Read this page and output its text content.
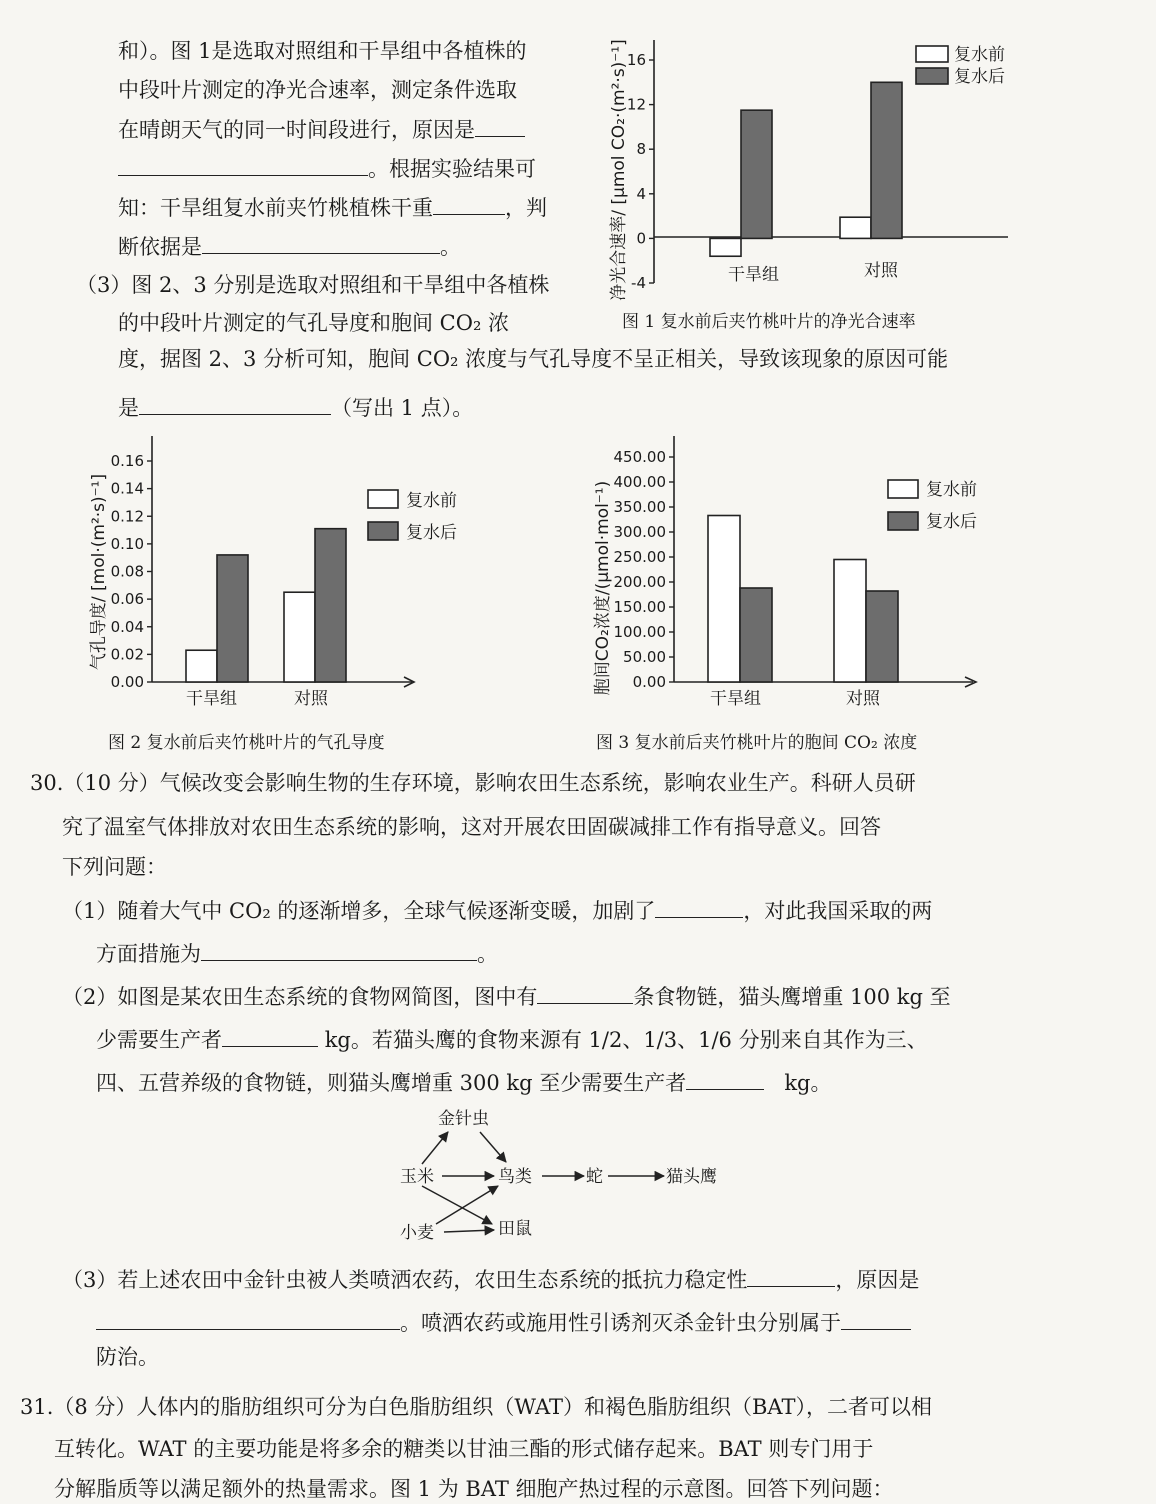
和）。图 1是选取对照组和干旱组中各植株的
中段叶片测定的净光合速率，测定条件选取
在晴朗天气的同一时间段进行，原因是
。根据实验结果可
知：干旱组复水前夹竹桃植株干重	，判
断依据是	。
（3）图 2、3 分别是选取对照组和干旱组中各植株
的中段叶片测定的气孔导度和胞间 CO₂ 浓
度，据图 2、3 分析可知，胞间 CO₂ 浓度与气孔导度不呈正相关，导致该现象的原因可能
是	（写出 1 点）。
净光合速率/ [μmol CO₂·(m²·s)⁻¹] -4
0
4
8
12
16
干旱组	对照
复水前
复水后
图 1 复水前后夹竹桃叶片的净光合速率
气孔导度/ [mol·(m²·s)⁻¹]
0.00
0.02
0.04
0.06
0.08
0.10
0.12
0.14
0.16
干旱组	对照
复水前
复水后
图 2 复水前后夹竹桃叶片的气孔导度
胞间CO₂浓度/(μmol·mol⁻¹) 0.00
50.00
100.00
150.00
200.00
250.00
300.00
350.00
400.00
450.00
干旱组	对照
复水前
复水后
图 3 复水前后夹竹桃叶片的胞间 CO₂ 浓度
30.（10 分）气候改变会影响生物的生存环境，影响农田生态系统，影响农业生产。科研人员研
究了温室气体排放对农田生态系统的影响，这对开展农田固碳减排工作有指导意义。回答
下列问题：
（1）随着大气中 CO₂ 的逐渐增多，全球气候逐渐变暖，加剧了	，对此我国采取的两
方面措施为	。
（2）如图是某农田生态系统的食物网简图，图中有	条食物链，猫头鹰增重 100 kg 至
少需要生产者	kg。若猫头鹰的食物来源有 1/2、1/3、1/6 分别来自其作为三、
四、五营养级的食物链，则猫头鹰增重 300 kg 至少需要生产者	kg。
金针虫
玉米	鸟类	蛇	猫头鹰
小麦	田鼠
（3）若上述农田中金针虫被人类喷洒农药，农田生态系统的抵抗力稳定性	，原因是
。喷洒农药或施用性引诱剂灭杀金针虫分别属于
防治。
31.（8 分）人体内的脂肪组织可分为白色脂肪组织（WAT）和褐色脂肪组织（BAT），二者可以相
互转化。WAT 的主要功能是将多余的糖类以甘油三酯的形式储存起来。BAT 则专门用于
分解脂质等以满足额外的热量需求。图 1 为 BAT 细胞产热过程的示意图。回答下列问题：
